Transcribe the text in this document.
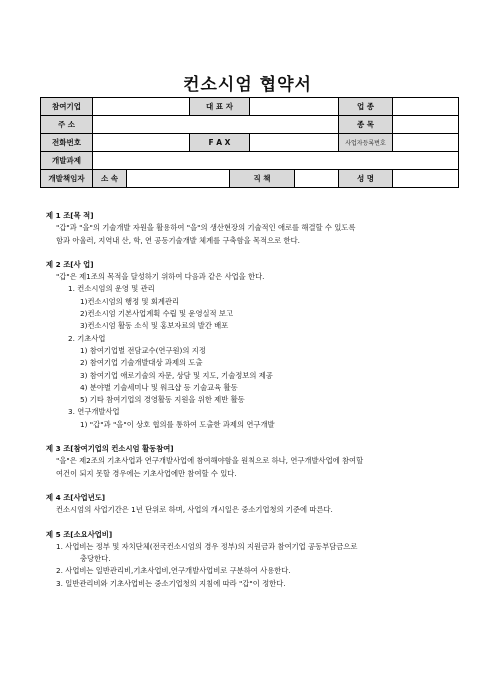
컨소시엄 협약서
참여기업			대 표 자				업 종	
주 소							종 목	
전화번호			F A X				사업자등록번호	
개발과제								
개발책임자	소 속			직 책			성 명	
제 1 조[목 적]
"갑"과 "을"의 기술개발 자원을 활용하여 "을"의 생산현장의 기술적인 애로를 해결할 수 있도록
함과 아울러, 지역내 산, 학, 연 공동기술개발 체계를 구축함을 목적으로 한다.
제 2 조[사 업]
"갑"은 제1조의 목적을 달성하기 위하여 다음과 같은 사업을 한다.
1. 컨소시엄의 운영 및 관리
1)컨소시엄의 행정 및 회계관리
2)컨소시엄 기본사업계획 수립 및 운영실적 보고
3)컨소시엄 활동 소식 및 홍보자료의 발간 배포
2. 기초사업
1) 참여기업별 전담교수(연구원)의 지정
2) 참여기업 기술개발대상 과제의 도출
3) 참여기업 애로기술의 자문, 상담 및 지도, 기술정보의 제공
4) 분야별 기술세미나 및 워크샵 등 기술교육 활동
5) 기타 참여기업의 경영활동 지원을 위한 제반 활동
3. 연구개발사업
1) "갑"과 "을"이 상호 협의를 통하여 도출한 과제의 연구개발
제 3 조[참여기업의 컨소시엄 활동참여]
"을"은 제2조의 기초사업과 연구개발사업에 참여해야함을 원칙으로 하나, 연구개발사업에 참여할
여건이 되지 못할 경우에는 기초사업에만 참여할 수 있다.
제 4 조[사업년도]
컨소시엄의 사업기간은 1년 단위로 하며, 사업의 개시일은 중소기업청의 기준에 따른다.
제 5 조[소요사업비]
1. 사업비는 정부 및 자치단체(전국컨소시엄의 경우 정부)의 지원금과 참여기업 공동부담금으로
충당한다.
2. 사업비는 일반관리비,기초사업비,연구개발사업비로 구분하여 사용한다.
3. 일반관리비와 기초사업비는 중소기업청의 지침에 따라 "갑"이 정한다.
